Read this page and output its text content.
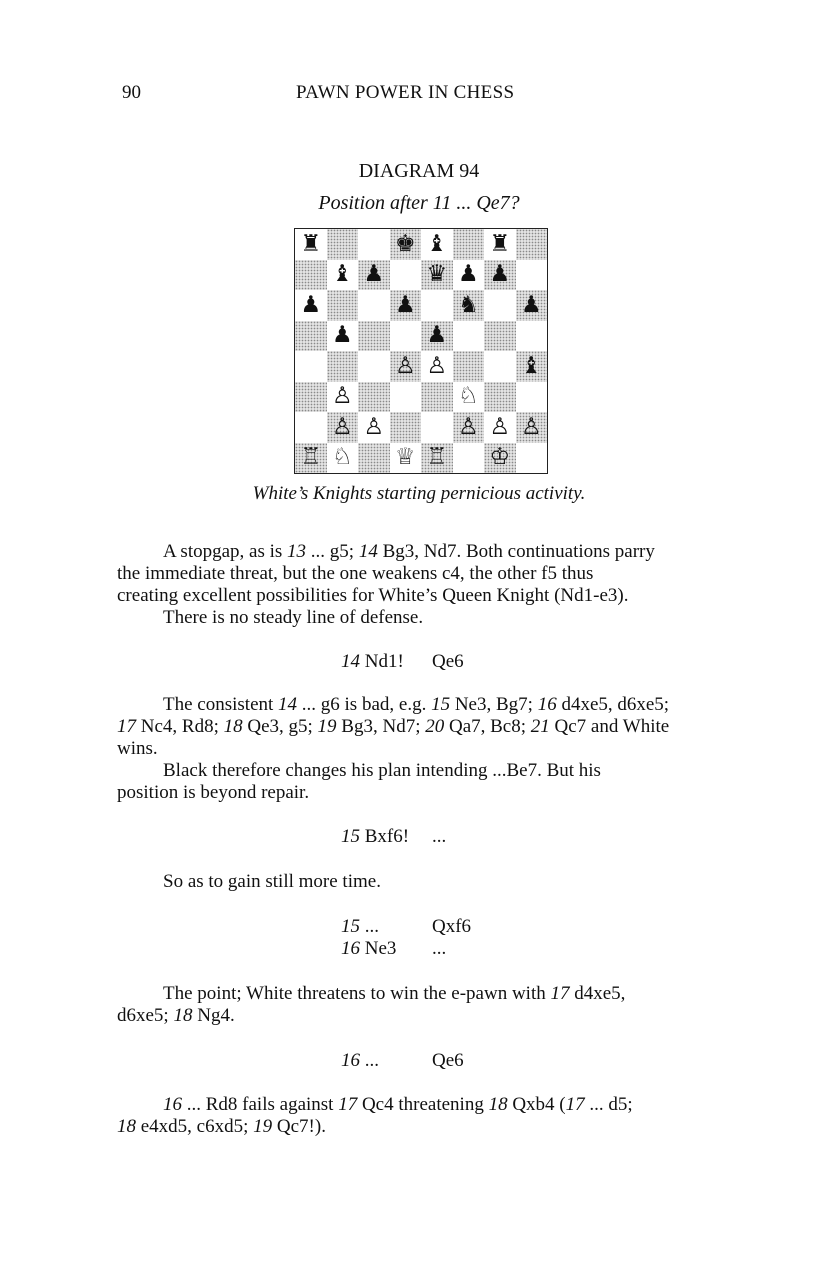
90	PAWN POWER IN CHESS
DIAGRAM 94
Position after 11 ... Qe7?
♜	♚ ♝ ♜
♝ ♟ ♛ ♟ ♟
♟	♟ ♞ ♟
♟	♟
♙ ♙	♝
♙	♘
♙ ♙	♙ ♙ ♙
♖ ♘ ♕ ♖ ♔
White’s Knights starting pernicious activity.
A stopgap, as is 13 ... g5; 14 Bg3, Nd7. Both continuations parry
the immediate threat, but the one weakens c4, the other f5 thus
creating excellent possibilities for White’s Queen Knight (Nd1-e3).
There is no steady line of defense.
14 Nd1! Qe6
The consistent 14 ... g6 is bad, e.g. 15 Ne3, Bg7; 16 d4xe5, d6xe5;
17 Nc4, Rd8; 18 Qe3, g5; 19 Bg3, Nd7; 20 Qa7, Bc8; 21 Qc7 and White
wins.
Black therefore changes his plan intending ...Be7. But his
position is beyond repair.
15 Bxf6! ...
So as to gain still more time.
15 ...	Qxf6
16 Ne3 ...
The point; White threatens to win the e-pawn with 17 d4xe5,
d6xe5; 18 Ng4.
16 ...	Qe6
16 ... Rd8 fails against 17 Qc4 threatening 18 Qxb4 (17 ... d5;
18 e4xd5, c6xd5; 19 Qc7!).
